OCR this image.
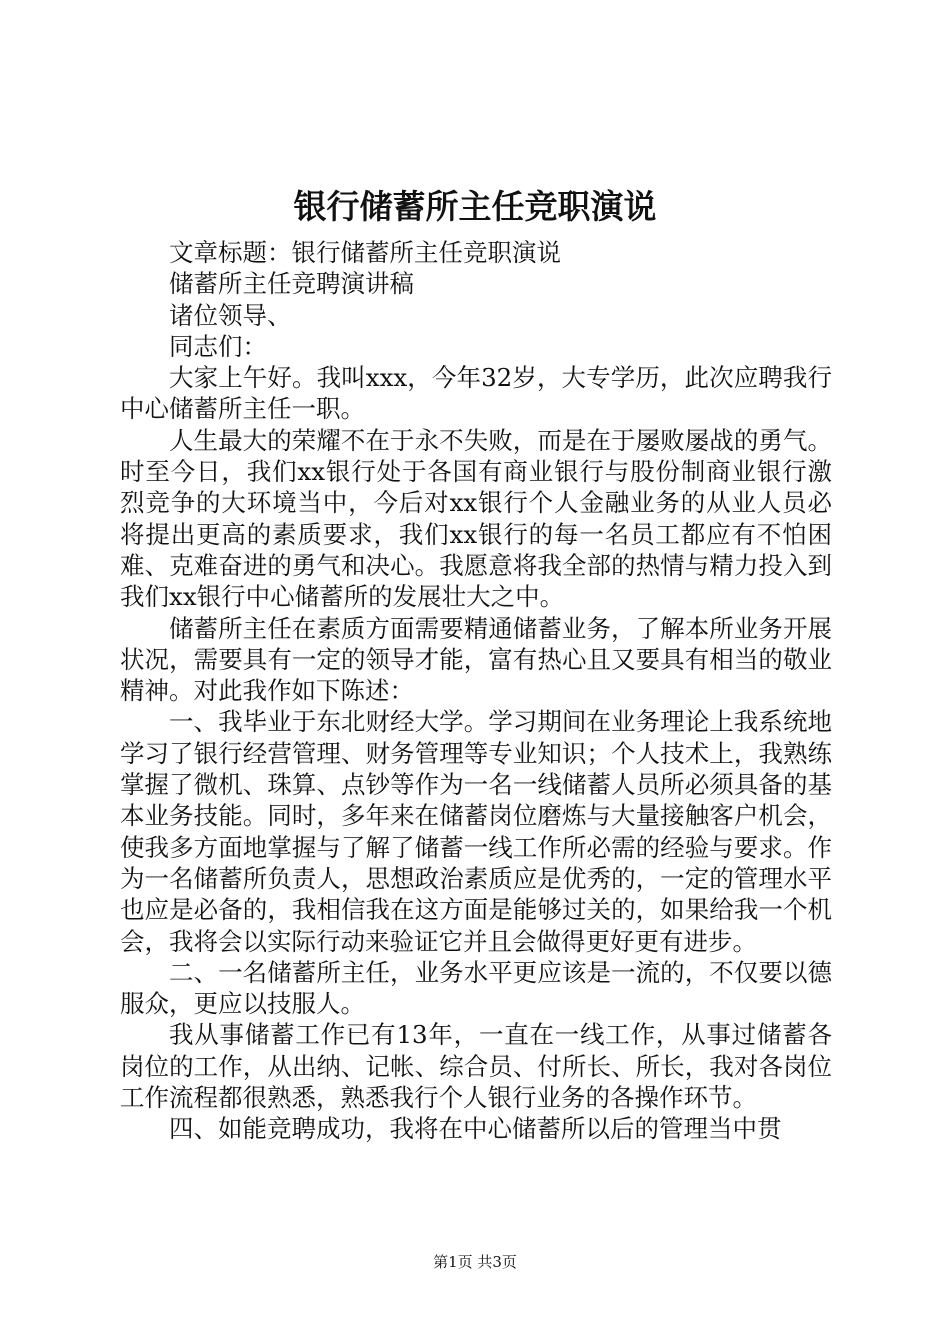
银行储蓄所主任竞职演说

文章标题：银行储蓄所主任竞职演说

储蓄所主任竞聘演讲稿

诸位领导、

同志们：

大家上午好。我叫xxx，今年32岁，大专学历，此次应聘我行中心储蓄所主任一职。

人生最大的荣耀不在于永不失败，而是在于屡败屡战的勇气。时至今日，我们xx银行处于各国有商业银行与股份制商业银行激烈竞争的大环境当中，今后对xx银行个人金融业务的从业人员必将提出更高的素质要求，我们xx银行的每一名员工都应有不怕困难、克难奋进的勇气和决心。我愿意将我全部的热情与精力投入到我们xx银行中心储蓄所的发展壮大之中。

储蓄所主任在素质方面需要精通储蓄业务，了解本所业务开展状况，需要具有一定的领导才能，富有热心且又要具有相当的敬业精神。对此我作如下陈述：

一、我毕业于东北财经大学。学习期间在业务理论上我系统地学习了银行经营管理、财务管理等专业知识；个人技术上，我熟练掌握了微机、珠算、点钞等作为一名一线储蓄人员所必须具备的基本业务技能。同时，多年来在储蓄岗位磨炼与大量接触客户机会，使我多方面地掌握与了解了储蓄一线工作所必需的经验与要求。作为一名储蓄所负责人，思想政治素质应是优秀的，一定的管理水平也应是必备的，我相信我在这方面是能够过关的，如果给我一个机会，我将会以实际行动来验证它并且会做得更好更有进步。

二、一名储蓄所主任，业务水平更应该是一流的，不仅要以德服众，更应以技服人。

我从事储蓄工作已有13年，一直在一线工作，从事过储蓄各岗位的工作，从出纳、记帐、综合员、付所长、所长，我对各岗位工作流程都很熟悉，熟悉我行个人银行业务的各操作环节。

四、如能竞聘成功，我将在中心储蓄所以后的管理当中贯

第1页 共3页
